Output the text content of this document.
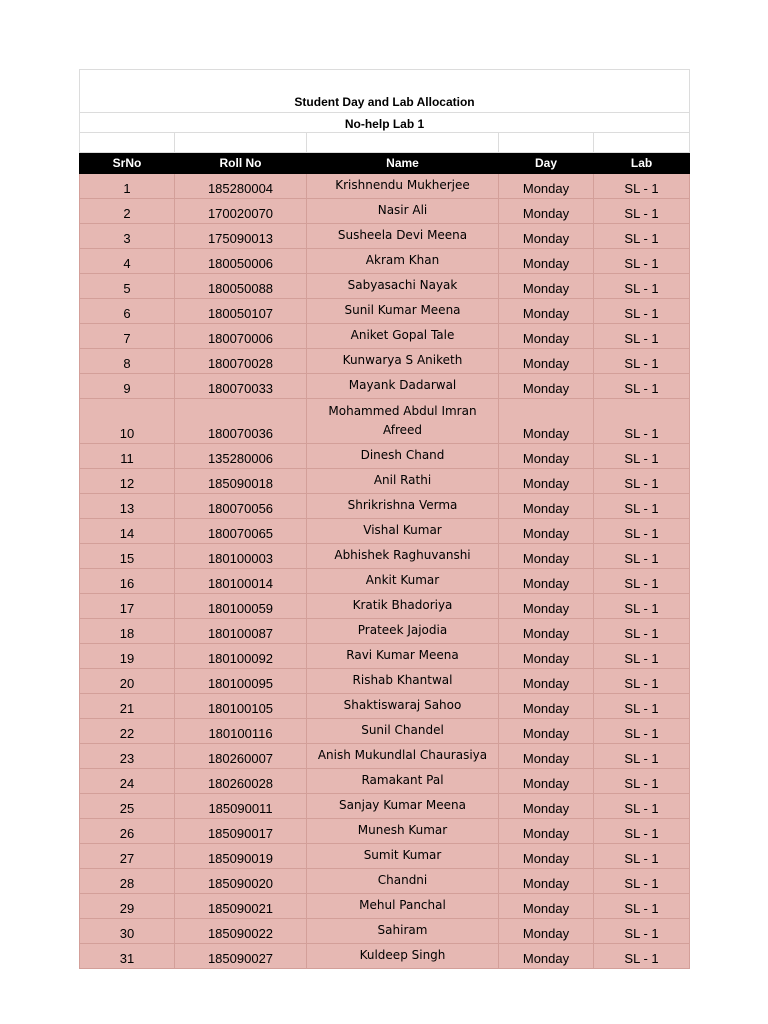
Student Day and Lab Allocation				
No-help Lab 1				

SrNo	Roll No	Name	Day	Lab
1	185280004	Krishnendu Mukherjee	Monday	SL - 1
2	170020070	Nasir Ali	Monday	SL - 1
3	175090013	Susheela Devi Meena	Monday	SL - 1
4	180050006	Akram Khan	Monday	SL - 1
5	180050088	Sabyasachi Nayak	Monday	SL - 1
6	180050107	Sunil Kumar Meena	Monday	SL - 1
7	180070006	Aniket Gopal Tale	Monday	SL - 1
8	180070028	Kunwarya S Aniketh	Monday	SL - 1
9	180070033	Mayank Dadarwal	Monday	SL - 1
10	180070036	Mohammed Abdul Imran Afreed	Monday	SL - 1
11	135280006	Dinesh Chand	Monday	SL - 1
12	185090018	Anil Rathi	Monday	SL - 1
13	180070056	Shrikrishna Verma	Monday	SL - 1
14	180070065	Vishal Kumar	Monday	SL - 1
15	180100003	Abhishek Raghuvanshi	Monday	SL - 1
16	180100014	Ankit Kumar	Monday	SL - 1
17	180100059	Kratik Bhadoriya	Monday	SL - 1
18	180100087	Prateek Jajodia	Monday	SL - 1
19	180100092	Ravi Kumar Meena	Monday	SL - 1
20	180100095	Rishab Khantwal	Monday	SL - 1
21	180100105	Shaktiswaraj Sahoo	Monday	SL - 1
22	180100116	Sunil Chandel	Monday	SL - 1
23	180260007	Anish Mukundlal Chaurasiya	Monday	SL - 1
24	180260028	Ramakant Pal	Monday	SL - 1
25	185090011	Sanjay Kumar Meena	Monday	SL - 1
26	185090017	Munesh Kumar	Monday	SL - 1
27	185090019	Sumit Kumar	Monday	SL - 1
28	185090020	Chandni	Monday	SL - 1
29	185090021	Mehul Panchal	Monday	SL - 1
30	185090022	Sahiram	Monday	SL - 1
31	185090027	Kuldeep Singh	Monday	SL - 1
